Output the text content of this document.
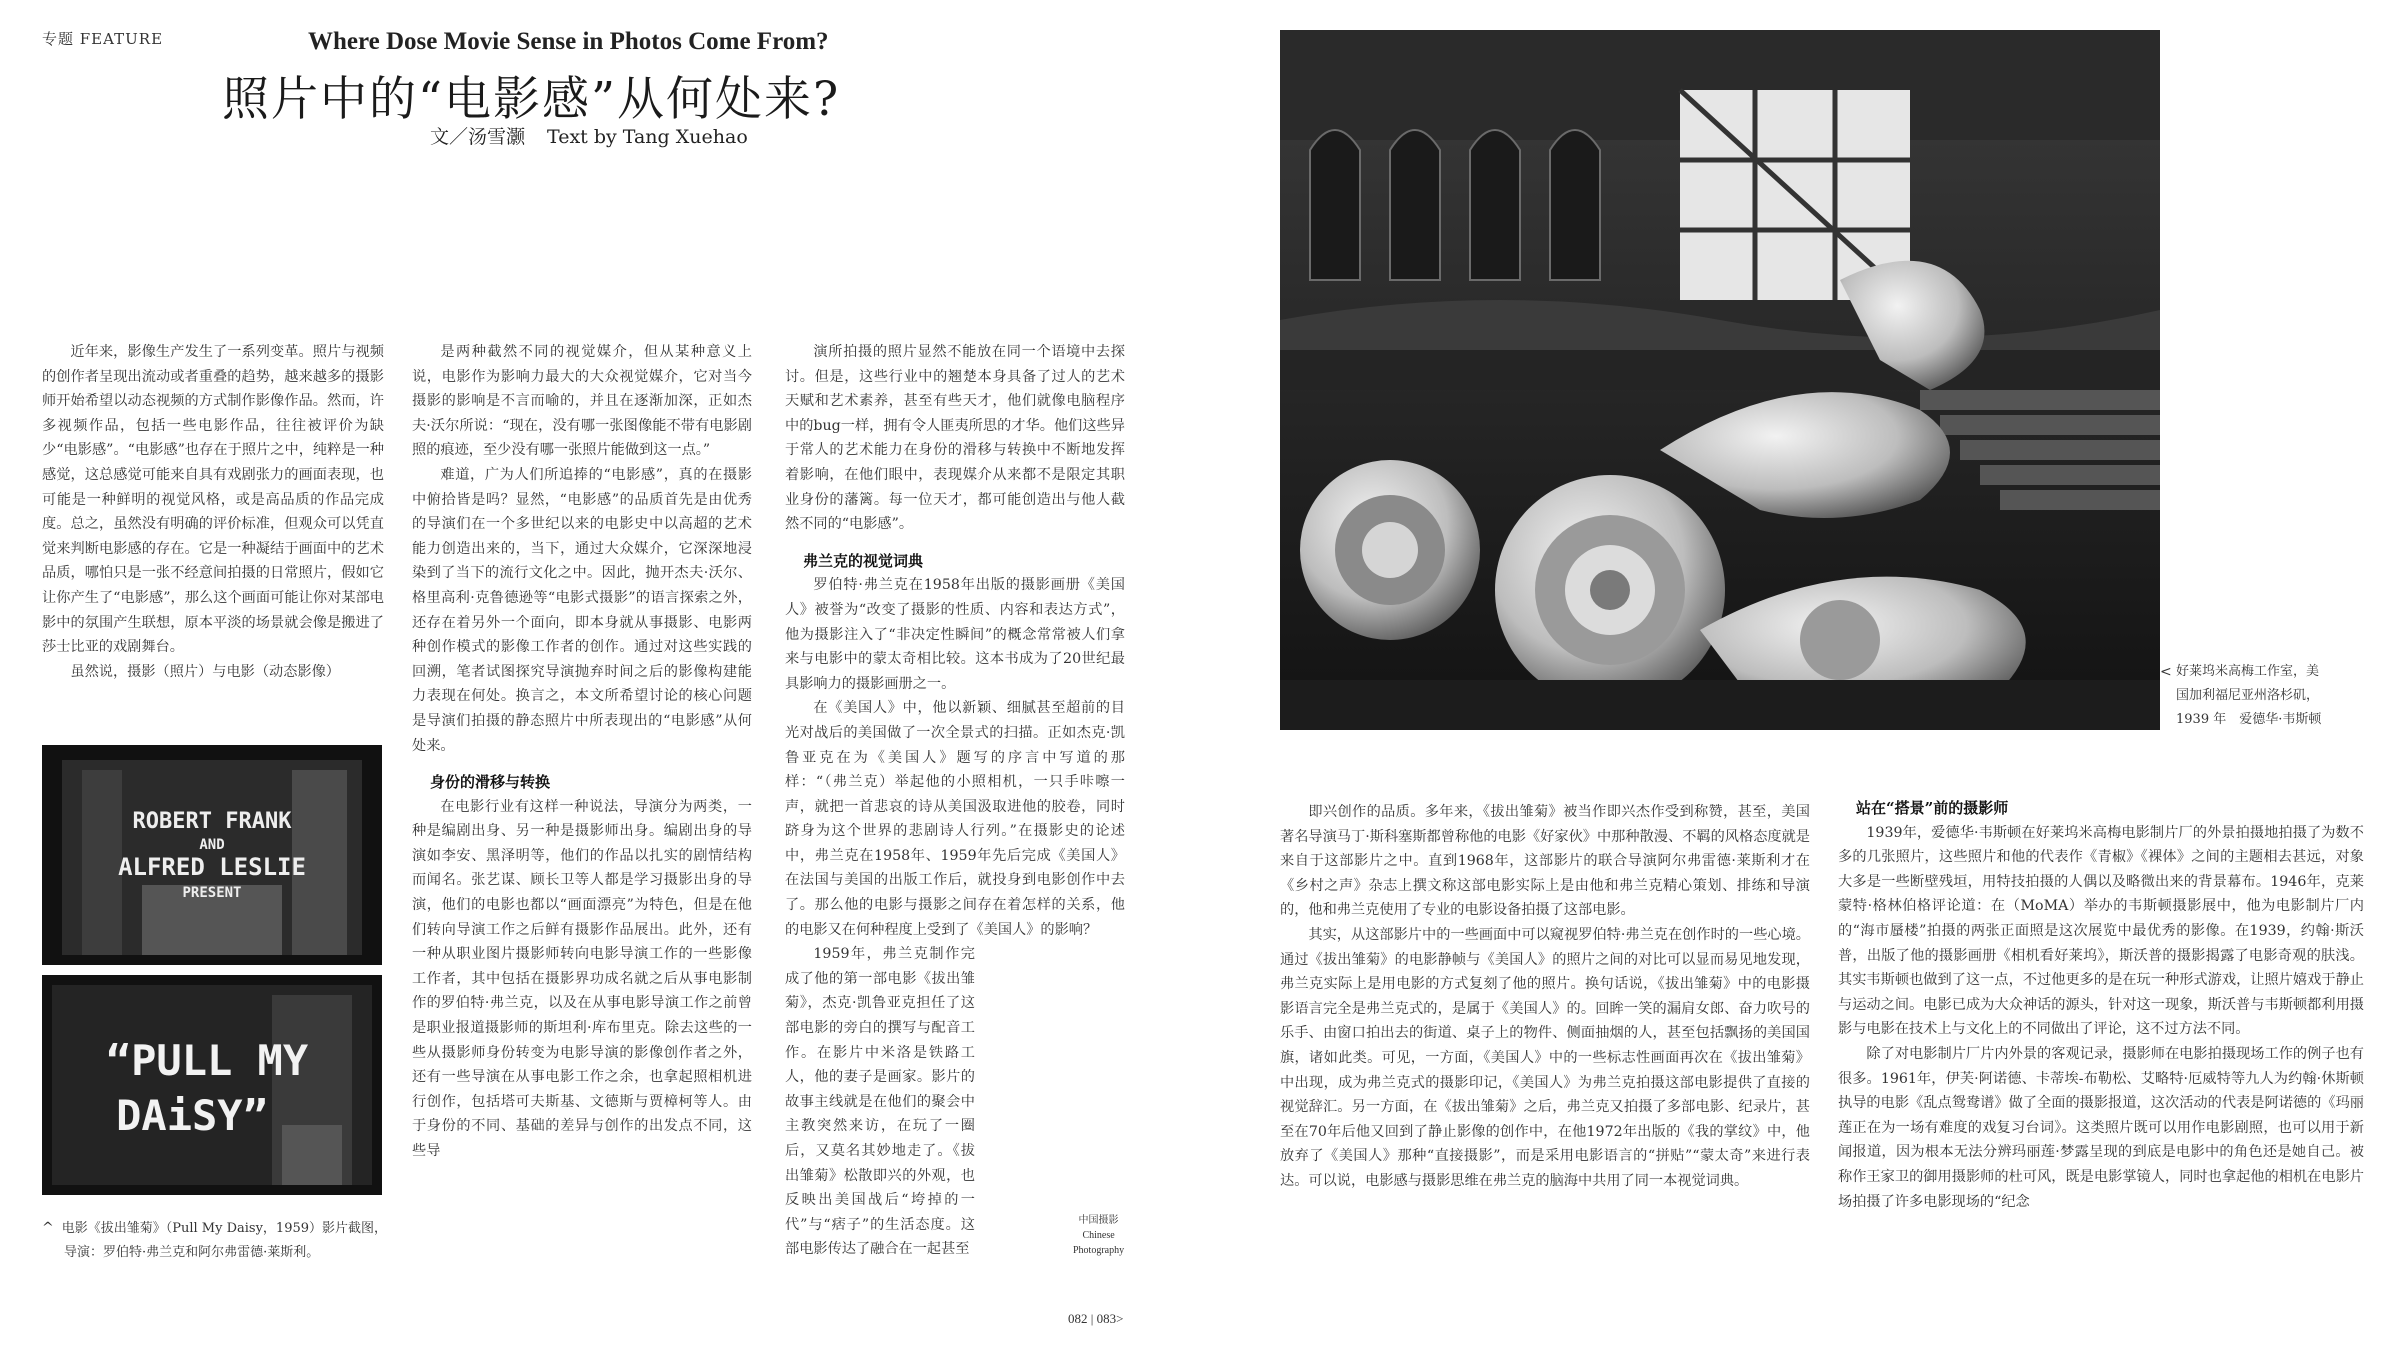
专题 FEATURE	Where Dose Movie Sense in Photos Come From?
照片中的“电影感”从何处来?
文／汤雪灏 Text by Tang Xuehao

近年来，影像生产发生了一系列变革。照片与视频的创作者呈现出流动或者重叠的趋势，越来越多的摄影师开始希望以动态视频的方式制作影像作品。然而，许多视频作品，包括一些电影作品，往往被评价为缺少“电影感”。“电影感”也存在于照片之中，纯粹是一种感觉，这总感觉可能来自具有戏剧张力的画面表现，也可能是一种鲜明的视觉风格，或是高品质的作品完成度。总之，虽然没有明确的评价标准，但观众可以凭直觉来判断电影感的存在。它是一种凝结于画面中的艺术品质，哪怕只是一张不经意间拍摄的日常照片，假如它让你产生了“电影感”，那么这个画面可能让你对某部电影中的氛围产生联想，原本平淡的场景就会像是搬进了莎士比亚的戏剧舞台。

虽然说，摄影（照片）与电影（动态影像）

ROBERT FRANK
AND
ALFRED LESLIE
PRESENT
“PULL MY
DAiSY”
^ 电影《拔出雏菊》（Pull My Daisy，1959）影片截图，
导演：罗伯特·弗兰克和阿尔弗雷德·莱斯利。

是两种截然不同的视觉媒介，但从某种意义上说，电影作为影响力最大的大众视觉媒介，它对当今摄影的影响是不言而喻的，并且在逐渐加深，正如杰夫·沃尔所说：“现在，没有哪一张图像能不带有电影剧照的痕迹，至少没有哪一张照片能做到这一点。”

难道，广为人们所追捧的“电影感”，真的在摄影中俯拾皆是吗？显然，“电影感”的品质首先是由优秀的导演们在一个多世纪以来的电影史中以高超的艺术能力创造出来的，当下，通过大众媒介，它深深地浸染到了当下的流行文化之中。因此，抛开杰夫·沃尔、格里高利·克鲁德逊等“电影式摄影”的语言探索之外，还存在着另外一个面向，即本身就从事摄影、电影两种创作模式的影像工作者的创作。通过对这些实践的回溯，笔者试图探究导演抛弃时间之后的影像构建能力表现在何处。换言之，本文所希望讨论的核心问题是导演们拍摄的静态照片中所表现出的“电影感”从何处来。

身份的滑移与转换

在电影行业有这样一种说法，导演分为两类，一种是编剧出身、另一种是摄影师出身。编剧出身的导演如李安、黑泽明等，他们的作品以扎实的剧情结构而闻名。张艺谋、顾长卫等人都是学习摄影出身的导演，他们的电影也都以“画面漂亮”为特色，但是在他们转向导演工作之后鲜有摄影作品展出。此外，还有一种从职业图片摄影师转向电影导演工作的一些影像工作者，其中包括在摄影界功成名就之后从事电影制作的罗伯特·弗兰克，以及在从事电影导演工作之前曾是职业报道摄影师的斯坦利·库布里克。除去这些的一些从摄影师身份转变为电影导演的影像创作者之外，还有一些导演在从事电影工作之余，也拿起照相机进行创作，包括塔可夫斯基、文德斯与贾樟柯等人。由于身份的不同、基础的差异与创作的出发点不同，这些导

演所拍摄的照片显然不能放在同一个语境中去探讨。但是，这些行业中的翘楚本身具备了过人的艺术天赋和艺术素养，甚至有些天才，他们就像电脑程序中的bug一样，拥有令人匪夷所思的才华。他们这些异于常人的艺术能力在身份的滑移与转换中不断地发挥着影响，在他们眼中，表现媒介从来都不是限定其职业身份的藩篱。每一位天才，都可能创造出与他人截然不同的“电影感”。

弗兰克的视觉词典

罗伯特·弗兰克在1958年出版的摄影画册《美国人》被誉为“改变了摄影的性质、内容和表达方式”，他为摄影注入了“非决定性瞬间”的概念常常被人们拿来与电影中的蒙太奇相比较。这本书成为了20世纪最具影响力的摄影画册之一。

在《美国人》中，他以新颖、细腻甚至超前的目光对战后的美国做了一次全景式的扫描。正如杰克·凯鲁亚克在为《美国人》题写的序言中写道的那样：“（弗兰克）举起他的小照相机，一只手咔嚓一声，就把一首悲哀的诗从美国汲取进他的胶卷，同时跻身为这个世界的悲剧诗人行列。”在摄影史的论述中，弗兰克在1958年、1959年先后完成《美国人》在法国与美国的出版工作后，就投身到电影创作中去了。那么他的电影与摄影之间存在着怎样的关系，他的电影又在何种程度上受到了《美国人》的影响？

1959年，弗兰克制作完成了他的第一部电影《拔出雏菊》，杰克·凯鲁亚克担任了这部电影的旁白的撰写与配音工作。在影片中米洛是铁路工人，他的妻子是画家。影片的故事主线就是在他们的聚会中主教突然来访，在玩了一圈后，又莫名其妙地走了。《拔出雏菊》松散即兴的外观，也反映出美国战后“垮掉的一代”与“痞子”的生活态度。这部电影传达了融合在一起甚至

中国摄影
Chinese
Photography
< 好莱坞米高梅工作室，美
国加利福尼亚州洛杉矶，
1939 年　爱德华·韦斯顿

即兴创作的品质。多年来，《拔出雏菊》被当作即兴杰作受到称赞，甚至，美国著名导演马丁·斯科塞斯都曾称他的电影《好家伙》中那种散漫、不羁的风格态度就是来自于这部影片之中。直到1968年，这部影片的联合导演阿尔弗雷德·莱斯利才在《乡村之声》杂志上撰文称这部电影实际上是由他和弗兰克精心策划、排练和导演的，他和弗兰克使用了专业的电影设备拍摄了这部电影。

其实，从这部影片中的一些画面中可以窥视罗伯特·弗兰克在创作时的一些心境。通过《拔出雏菊》的电影静帧与《美国人》的照片之间的对比可以显而易见地发现，弗兰克实际上是用电影的方式复刻了他的照片。换句话说，《拔出雏菊》中的电影摄影语言完全是弗兰克式的，是属于《美国人》的。回眸一笑的漏肩女郎、奋力吹号的乐手、由窗口拍出去的街道、桌子上的物件、侧面抽烟的人，甚至包括飘扬的美国国旗，诸如此类。可见，一方面，《美国人》中的一些标志性画面再次在《拔出雏菊》中出现，成为弗兰克式的摄影印记，《美国人》为弗兰克拍摄这部电影提供了直接的视觉辞汇。另一方面，在《拔出雏菊》之后，弗兰克又拍摄了多部电影、纪录片，甚至在70年后他又回到了静止影像的创作中，在他1972年出版的《我的掌纹》中，他放弃了《美国人》那种“直接摄影”，而是采用电影语言的“拼贴”“蒙太奇”来进行表达。可以说，电影感与摄影思维在弗兰克的脑海中共用了同一本视觉词典。

站在“搭景”前的摄影师

1939年，爱德华·韦斯顿在好莱坞米高梅电影制片厂的外景拍摄地拍摄了为数不多的几张照片，这些照片和他的代表作《青椒》《裸体》之间的主题相去甚远，对象大多是一些断壁残垣，用特技拍摄的人偶以及略微出来的背景幕布。1946年，克莱蒙特·格林伯格评论道：在（MoMA）举办的韦斯顿摄影展中，他为电影制片厂内的“海市蜃楼”拍摄的两张正面照是这次展览中最优秀的影像。在1939，约翰·斯沃普，出版了他的摄影画册《相机看好莱坞》，斯沃普的摄影揭露了电影奇观的肤浅。其实韦斯顿也做到了这一点，不过他更多的是在玩一种形式游戏，让照片嬉戏于静止与运动之间。电影已成为大众神话的源头，针对这一现象，斯沃普与韦斯顿都利用摄影与电影在技术上与文化上的不同做出了评论，这不过方法不同。

除了对电影制片厂片内外景的客观记录，摄影师在电影拍摄现场工作的例子也有很多。1961年，伊芙·阿诺德、卡蒂埃-布勒松、艾略特·厄威特等九人为约翰·休斯顿执导的电影《乱点鸳鸯谱》做了全面的摄影报道，这次活动的代表是阿诺德的《玛丽莲正在为一场有难度的戏复习台词》。这类照片既可以用作电影剧照，也可以用于新闻报道，因为根本无法分辨玛丽莲·梦露呈现的到底是电影中的角色还是她自己。被称作王家卫的御用摄影师的杜可风，既是电影掌镜人，同时也拿起他的相机在电影片场拍摄了许多电影现场的“纪念

082 | 083>
